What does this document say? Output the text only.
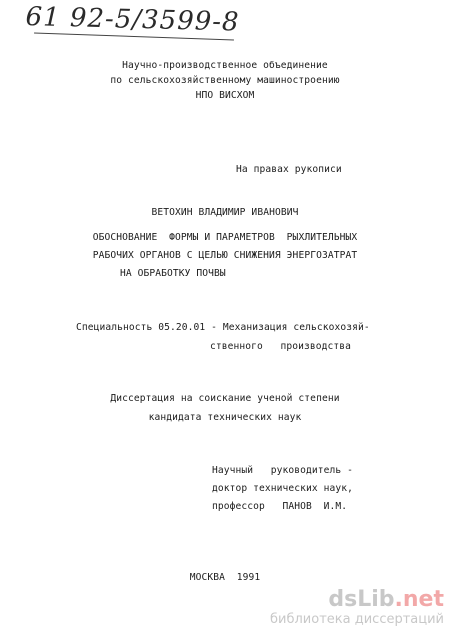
61 92-5/3599-8
Научно-производственное объединение
по сельскохозяйственному машиностроению
НПО ВИСХОМ
На правах рукописи
ВЕТОХИН ВЛАДИМИР ИВАНОВИЧ
ОБОСНОВАНИЕ  ФОРМЫ И ПАРАМЕТРОВ  РЫХЛИТЕЛЬНЫХ
РАБОЧИХ ОРГАНОВ С ЦЕЛЬЮ СНИЖЕНИЯ ЭНЕРГОЗАТРАТ
НА ОБРАБОТКУ ПОЧВЫ
Специальность 05.20.01 - Механизация сельскохозяй-
ственного   производства
Диссертация на соискание ученой степени
кандидата технических наук
Научный   руководитель -
доктор технических наук,
профессор   ПАНОВ  И.М.
МОСКВА  1991
dsLib.net
библиотека диссертаций
